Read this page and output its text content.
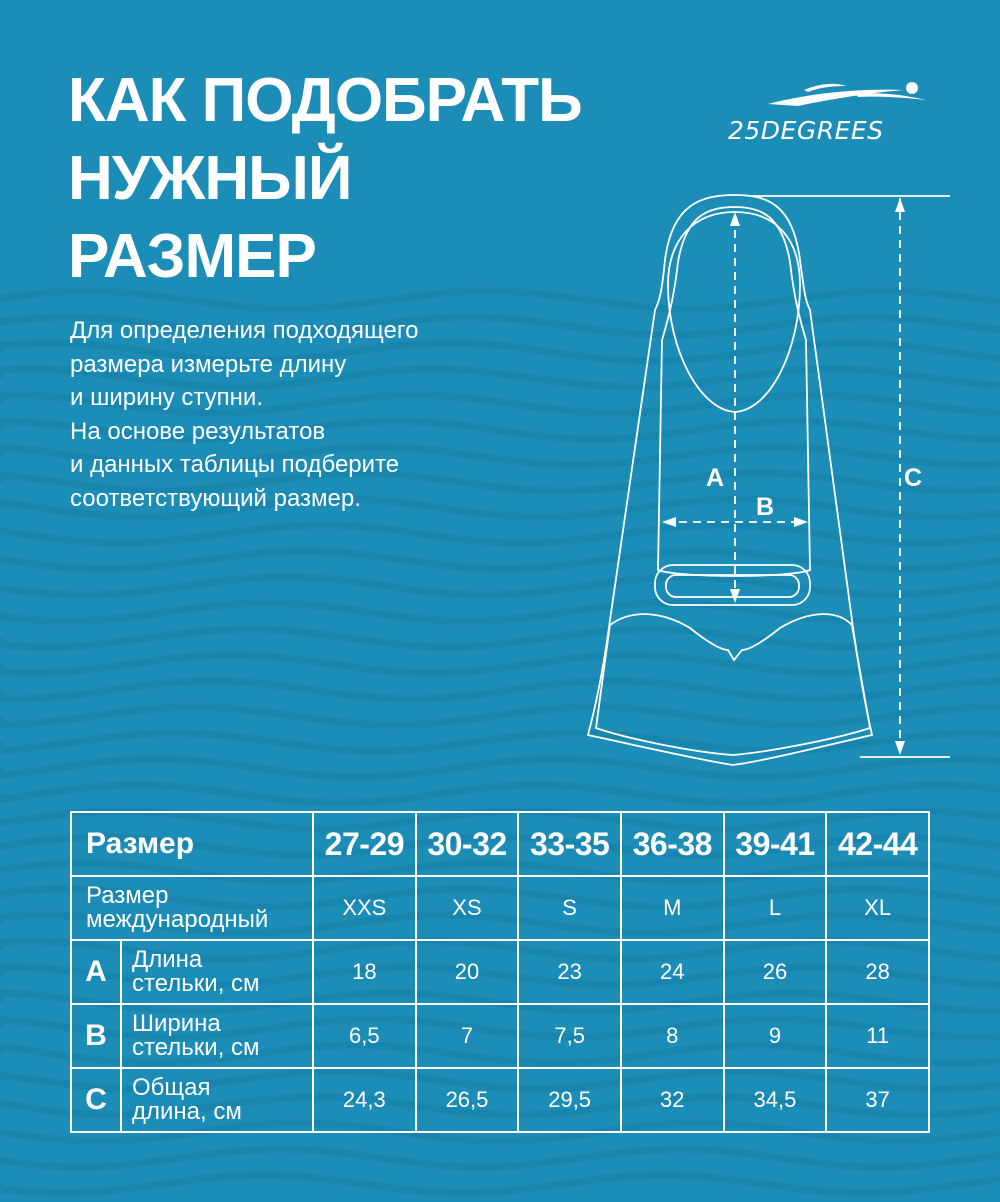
КАК ПОДОБРАТЬ
НУЖНЫЙ
РАЗМЕР
Для определения подходящего
размера измерьте длину
и ширину ступни.
На основе результатов
и данных таблицы подберите
соответствующий размер.
25DEGREES
A
B
C
Размер		27-29	30-32	33-35	36-38	39-41	42-44

Размер
международный		XXS	XS	S	M	L	XL
A	Длина
стельки, см	18	20	23	24	26	28
B	Ширина
стельки, см	6,5	7	7,5	8	9	11
C	Общая
длина, см	24,3	26,5	29,5	32	34,5	37
